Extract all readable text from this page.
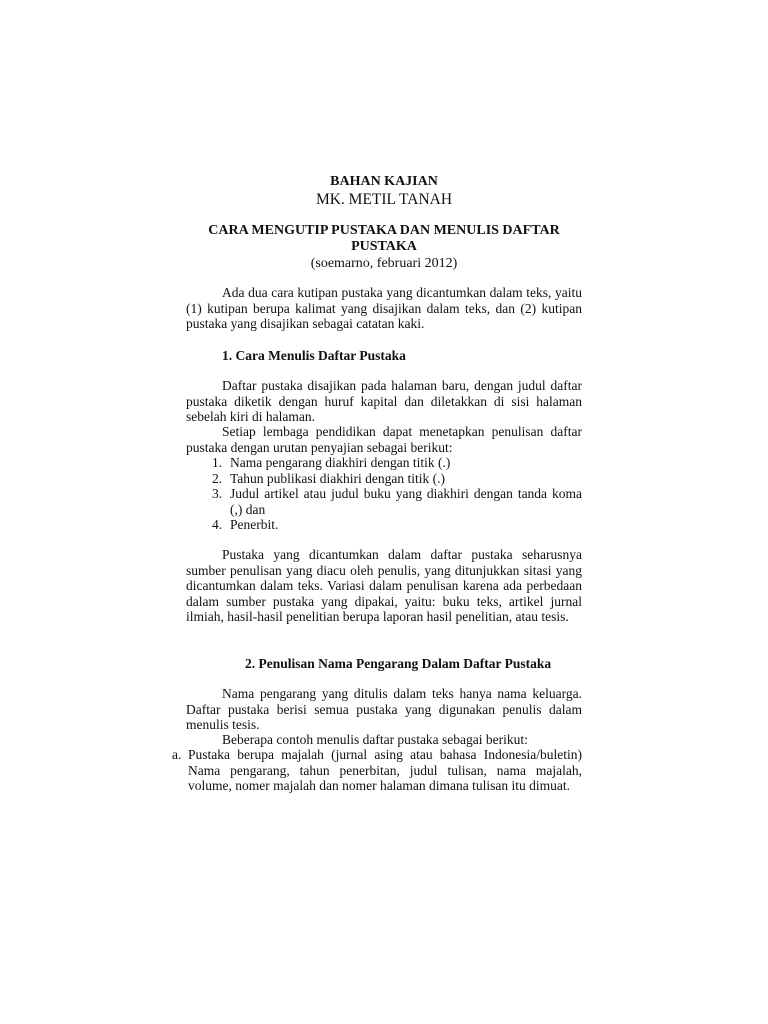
BAHAN KAJIAN
MK. METIL TANAH
CARA MENGUTIP PUSTAKA DAN MENULIS DAFTAR
PUSTAKA
(soemarno, februari 2012)

Ada dua cara kutipan pustaka yang dicantumkan dalam teks, yaitu (1) kutipan berupa kalimat yang disajikan dalam teks, dan (2) kutipan pustaka yang disajikan sebagai catatan kaki.

1. Cara Menulis Daftar Pustaka

Daftar pustaka disajikan pada halaman baru, dengan judul daftar pustaka diketik dengan huruf kapital dan diletakkan di sisi halaman sebelah kiri di halaman.

Setiap lembaga pendidikan dapat menetapkan penulisan daftar pustaka dengan urutan penyajian sebagai berikut:

1. Nama pengarang diakhiri dengan titik (.)
2. Tahun publikasi diakhiri dengan titik (.)
3. Judul artikel atau judul buku yang diakhiri dengan tanda koma (,) dan
4. Penerbit.

Pustaka yang dicantumkan dalam daftar pustaka seharusnya sumber penulisan yang diacu oleh penulis, yang ditunjukkan sitasi yang dicantumkan dalam teks. Variasi dalam penulisan karena ada perbedaan dalam sumber pustaka yang dipakai, yaitu: buku teks, artikel jurnal ilmiah, hasil-hasil penelitian berupa laporan hasil penelitian, atau tesis.

2. Penulisan Nama Pengarang Dalam Daftar Pustaka

Nama pengarang yang ditulis dalam teks hanya nama keluarga. Daftar pustaka berisi semua pustaka yang digunakan penulis dalam menulis tesis.

Beberapa contoh menulis daftar pustaka sebagai berikut:

a. Pustaka berupa majalah (jurnal asing atau bahasa Indonesia/buletin) Nama pengarang, tahun penerbitan, judul tulisan, nama majalah, volume, nomer majalah dan nomer halaman dimana tulisan itu dimuat.
